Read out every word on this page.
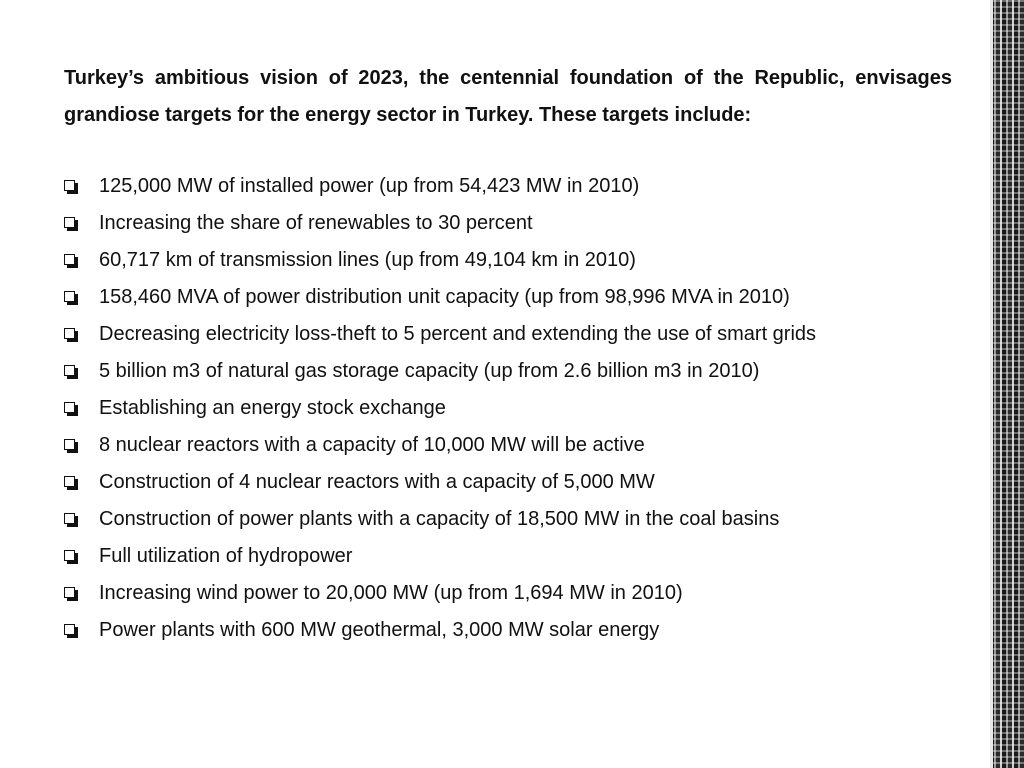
Turkey’s ambitious vision of 2023, the centennial foundation of the Republic, envisages grandiose targets for the energy sector in Turkey. These targets include:

125,000 MW of installed power (up from 54,423 MW in 2010)
Increasing the share of renewables to 30 percent
60,717 km of transmission lines (up from 49,104 km in 2010)
158,460 MVA of power distribution unit capacity (up from 98,996 MVA in 2010)
Decreasing electricity loss-theft to 5 percent and extending the use of smart grids
5 billion m3 of natural gas storage capacity (up from 2.6 billion m3 in 2010)
Establishing an energy stock exchange
8 nuclear reactors with a capacity of 10,000 MW will be active
Construction of 4 nuclear reactors with a capacity of 5,000 MW
Construction of power plants with a capacity of 18,500 MW in the coal basins
Full utilization of hydropower
Increasing wind power to 20,000 MW (up from 1,694 MW in 2010)
Power plants with 600 MW geothermal, 3,000 MW solar energy
